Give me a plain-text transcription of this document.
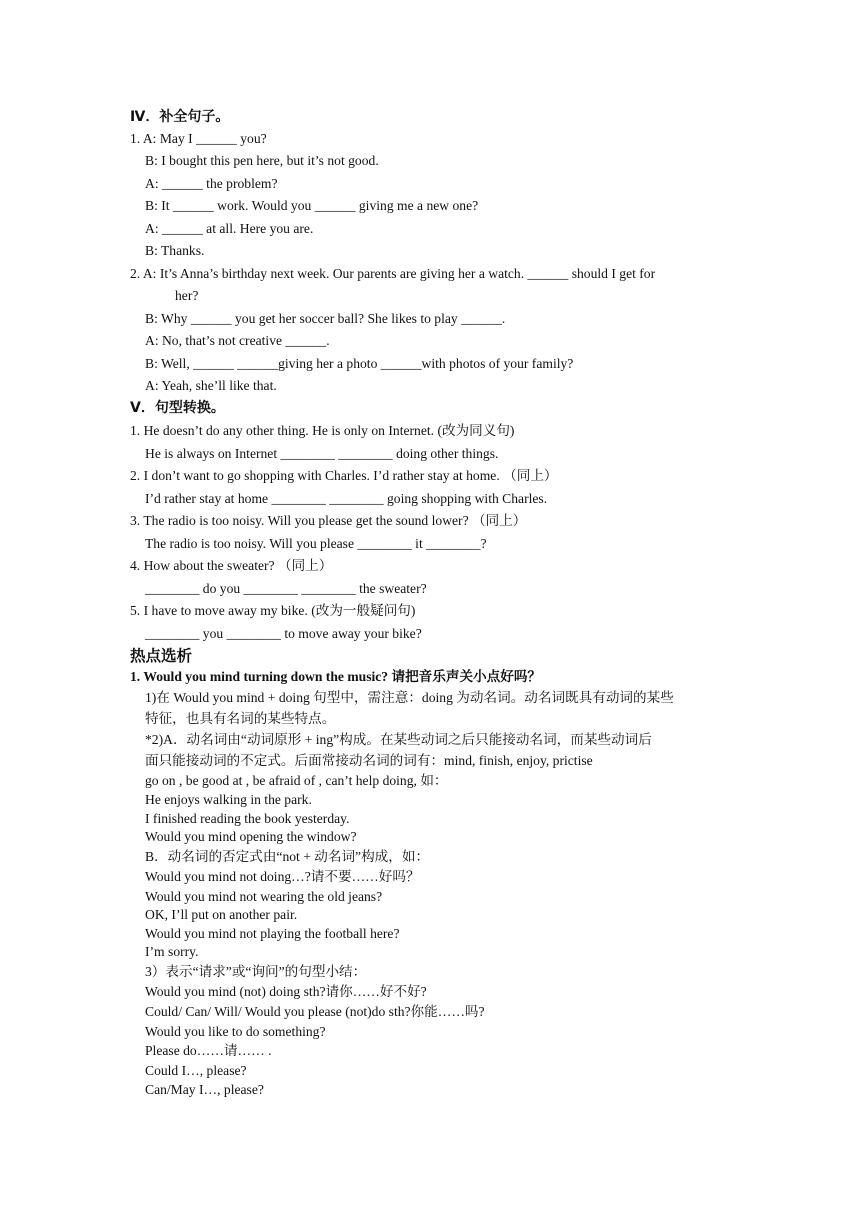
Ⅳ．补全句子。
1. A: May I ______ you?
B: I bought this pen here, but it’s not good.
A: ______ the problem?
B: It ______ work. Would you ______ giving me a new one?
A: ______ at all. Here you are.
B: Thanks.
2. A: It’s Anna’s birthday next week. Our parents are giving her a watch. ______ should I get for
her?
B: Why ______ you get her soccer ball? She likes to play ______.
A: No, that’s not creative ______.
B: Well, ______ ______giving her a photo ______with photos of your family?
A: Yeah, she’ll like that.
Ⅴ．句型转换。
1. He doesn’t do any other thing. He is only on Internet. (改为同义句)
He is always on Internet ________ ________ doing other things.
2. I don’t want to go shopping with Charles. I’d rather stay at home. （同上）
I’d rather stay at home ________ ________ going shopping with Charles.
3. The radio is too noisy. Will you please get the sound lower? （同上）
The radio is too noisy. Will you please ________ it ________?
4. How about the sweater? （同上）
________ do you ________ ________ the sweater?
5. I have to move away my bike. (改为一般疑问句)
________ you ________ to move away your bike?
热点选析
1. Would you mind turning down the music? 请把音乐声关小点好吗？
1)在 Would you mind + doing 句型中，需注意：doing 为动名词。动名词既具有动词的某些
特征，也具有名词的某些特点。
*2)A．动名词由“动词原形 + ing”构成。在某些动词之后只能接动名词，而某些动词后
面只能接动词的不定式。后面常接动名词的词有：mind, finish, enjoy, prictise
go on , be good at , be afraid of , can’t help doing, 如：
He enjoys walking in the park.
I finished reading the book yesterday.
Would you mind opening the window?
B．动名词的否定式由“not + 动名词”构成，如：
Would you mind not doing…?请不要……好吗？
Would you mind not wearing the old jeans?
OK, I’ll put on another pair.
Would you mind not playing the football here?
I’m sorry.
3）表示“请求”或“询问”的句型小结：
Would you mind (not) doing sth?请你……好不好?
Could/ Can/ Will/ Would you please (not)do sth?你能……吗?
Would you like to do something?
Please do……请…… .
Could I…, please?
Can/May I…, please?
